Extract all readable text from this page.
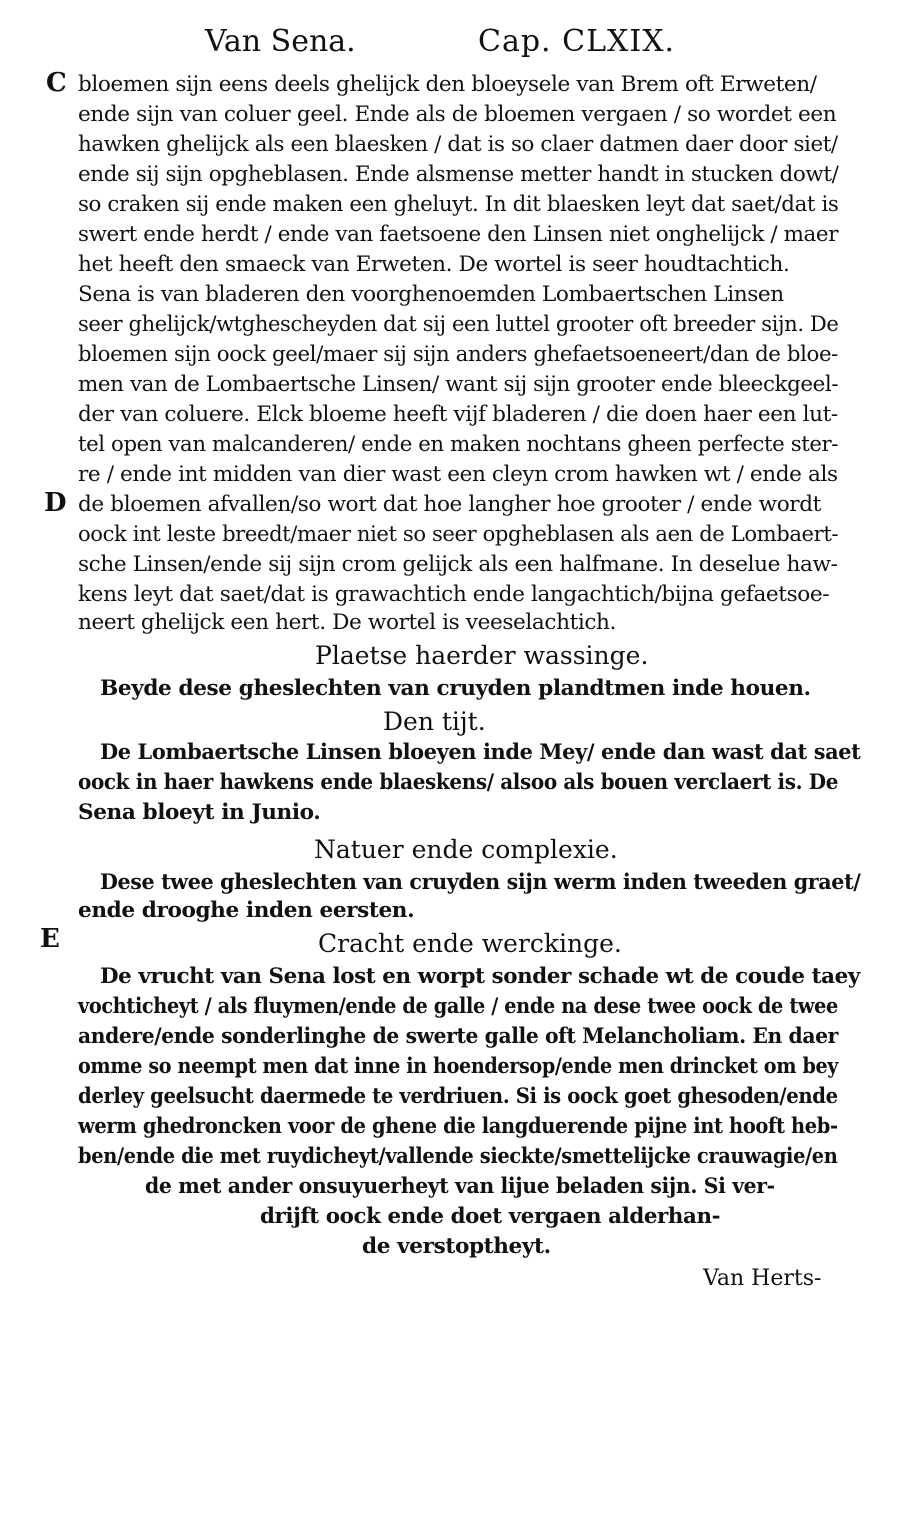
Van Sena.	Cap. CLXIX.
C
D
E
bloemen sijn eens deels ghelijck den bloeysele van Brem oft Erweten/
ende sijn van coluer geel. Ende als de bloemen vergaen / so wordet een
hawken ghelijck als een blaesken / dat is so claer datmen daer door siet/
ende sij sijn opgheblasen. Ende alsmense metter handt in stucken dowt/
so craken sij ende maken een gheluyt. In dit blaesken leyt dat saet/dat is
swert ende herdt / ende van faetsoene den Linsen niet ongheliјck / maer
het heeft den smaeck van Erweten. De wortel is seer houdtachtich.
Sena is van bladeren den voorghenoemden Lombaertschen Linsen
seer ghelijck/wtghescheyden dat sij een luttel grooter oft breeder sijn. De
bloemen sijn oock geel/maer sij sijn anders ghefaetsoeneert/dan de bloe-
men van de Lombaertsche Linsen/ want sij sijn grooter ende bleeckgeel-
der van coluere. Elck bloeme heeft vijf bladeren / die doen haer een lut-
tel open van malcanderen/ ende en maken nochtans gheen perfecte ster-
re / ende int midden van dier wast een cleyn crom hawken wt / ende als
de bloemen afvallen/so wort dat hoe langher hoe grooter / ende wordt
oock int leste breedt/maer niet so seer opgheblasen als aen de Lombaert-
sche Linsen/ende sij sijn crom gelijck als een halfmane. In deselue haw-
kens leyt dat saet/dat is grawachtich ende langachtich/bijna gefaetsoe-
neert ghelijck een hert. De wortel is veeselachtich.
Plaetse haerder wassinge.
Beyde dese gheslechten van cruyden plandtmen inde houen.
Den tijt.
De Lombaertsche Linsen bloeyen inde Mey/ ende dan wast dat saet
oock in haer hawkens ende blaeskens/ alsoo als bouen verclaert is. De
Sena bloeyt in Junio.
Natuer ende complexie.
Dese twee gheslechten van cruyden sijn werm inden tweeden graet/
ende drooghe inden eersten.
Cracht ende werckinge.
De vrucht van Sena lost en worpt sonder schade wt de coude taey
vochticheyt / als fluymen/ende de galle / ende na dese twee oock de twee
andere/ende sonderlinghe de swerte galle oft Melancholiam. En daer
omme so neempt men dat inne in hoendersop/ende men drincket om bey
derley geelsucht daermede te verdriuen. Si is oock goet ghesoden/ende
werm ghedroncken voor de ghene die langduerende pijne int hooft heb-
ben/ende die met ruydicheyt/vallende sieckte/smettelijcke crauwagie/en
de met ander onsuyuerheyt van lijue beladen sijn. Si ver-
drijft oock ende doet vergaen alderhan-
de verstoptheyt.
Van Herts-
